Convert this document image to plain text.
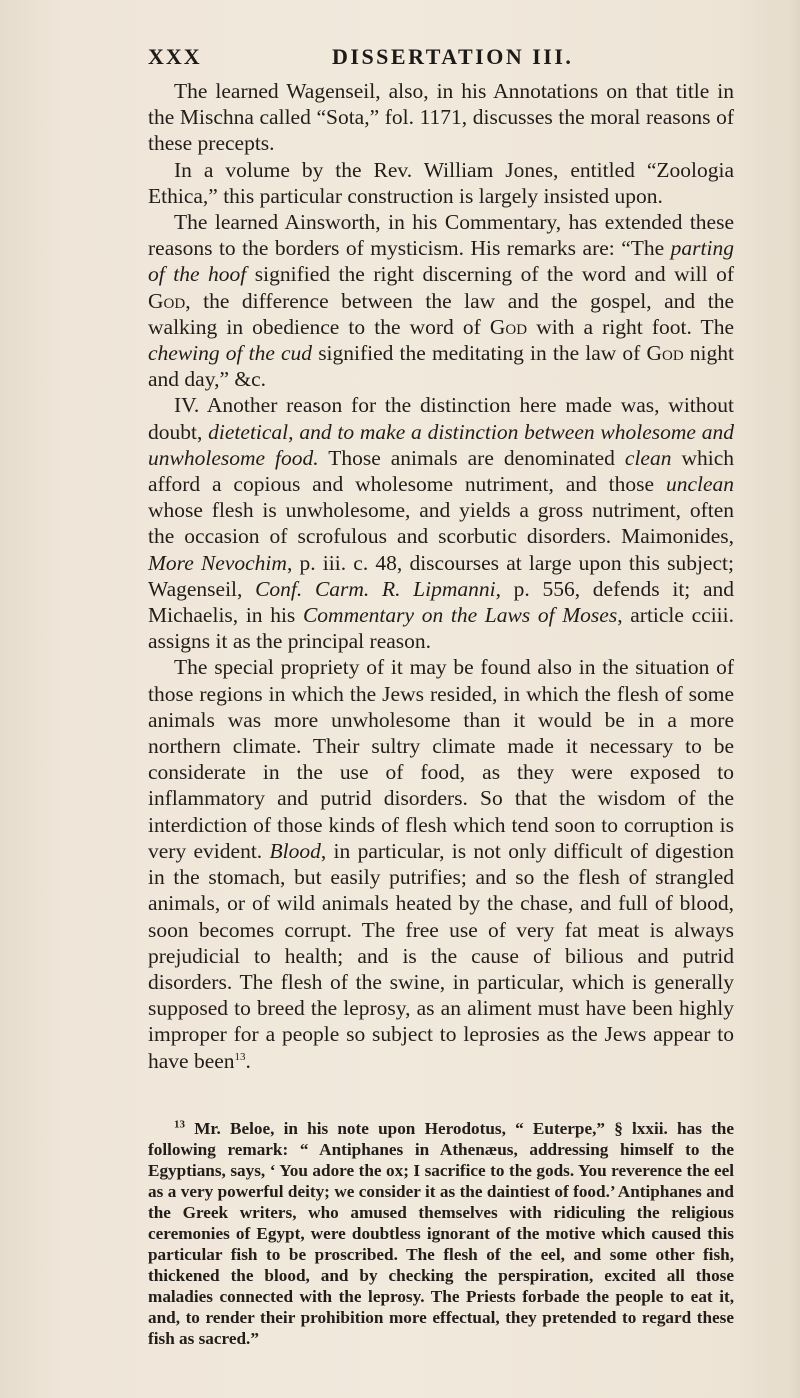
XXX	DISSERTATION III.

The learned Wagenseil, also, in his Annotations on that title in the Mischna called “Sota,” fol. 1171, discusses the moral reasons of these precepts.

In a volume by the Rev. William Jones, entitled “Zoologia Ethica,” this particular construction is largely insisted upon.

The learned Ainsworth, in his Commentary, has extended these reasons to the borders of mysticism. His remarks are: “The parting of the hoof signified the right discerning of the word and will of God, the difference between the law and the gospel, and the walking in obedience to the word of God with a right foot. The chewing of the cud signified the meditating in the law of God night and day,” &c.

IV. Another reason for the distinction here made was, without doubt, dietetical, and to make a distinction between wholesome and unwholesome food. Those animals are denominated clean which afford a copious and wholesome nutriment, and those unclean whose flesh is unwholesome, and yields a gross nutriment, often the occasion of scrofulous and scorbutic disorders. Maimonides, More Nevochim, p. iii. c. 48, discourses at large upon this subject; Wagenseil, Conf. Carm. R. Lipmanni, p. 556, defends it; and Michaelis, in his Commentary on the Laws of Moses, article cciii. assigns it as the principal reason.

The special propriety of it may be found also in the situation of those regions in which the Jews resided, in which the flesh of some animals was more unwholesome than it would be in a more northern climate. Their sultry climate made it necessary to be considerate in the use of food, as they were exposed to inflammatory and putrid disorders. So that the wisdom of the interdiction of those kinds of flesh which tend soon to corruption is very evident. Blood, in particular, is not only difficult of digestion in the stomach, but easily putrifies; and so the flesh of strangled animals, or of wild animals heated by the chase, and full of blood, soon becomes corrupt. The free use of very fat meat is always prejudicial to health; and is the cause of bilious and putrid disorders. The flesh of the swine, in particular, which is generally supposed to breed the leprosy, as an aliment must have been highly improper for a people so subject to leprosies as the Jews appear to have been$^{13}$.

$^{13}$ Mr. Beloe, in his note upon Herodotus, “ Euterpe,” § lxxii. has the following remark: “ Antiphanes in Athenæus, addressing himself to the Egyptians, says, ‘ You adore the ox; I sacrifice to the gods. You reverence the eel as a very powerful deity; we consider it as the daintiest of food.’ Antiphanes and the Greek writers, who amused themselves with ridiculing the religious ceremonies of Egypt, were doubtless ignorant of the motive which caused this particular fish to be proscribed. The flesh of the eel, and some other fish, thickened the blood, and by checking the perspiration, excited all those maladies connected with the leprosy. The Priests forbade the people to eat it, and, to render their prohibition more effectual, they pretended to regard these fish as sacred.”
